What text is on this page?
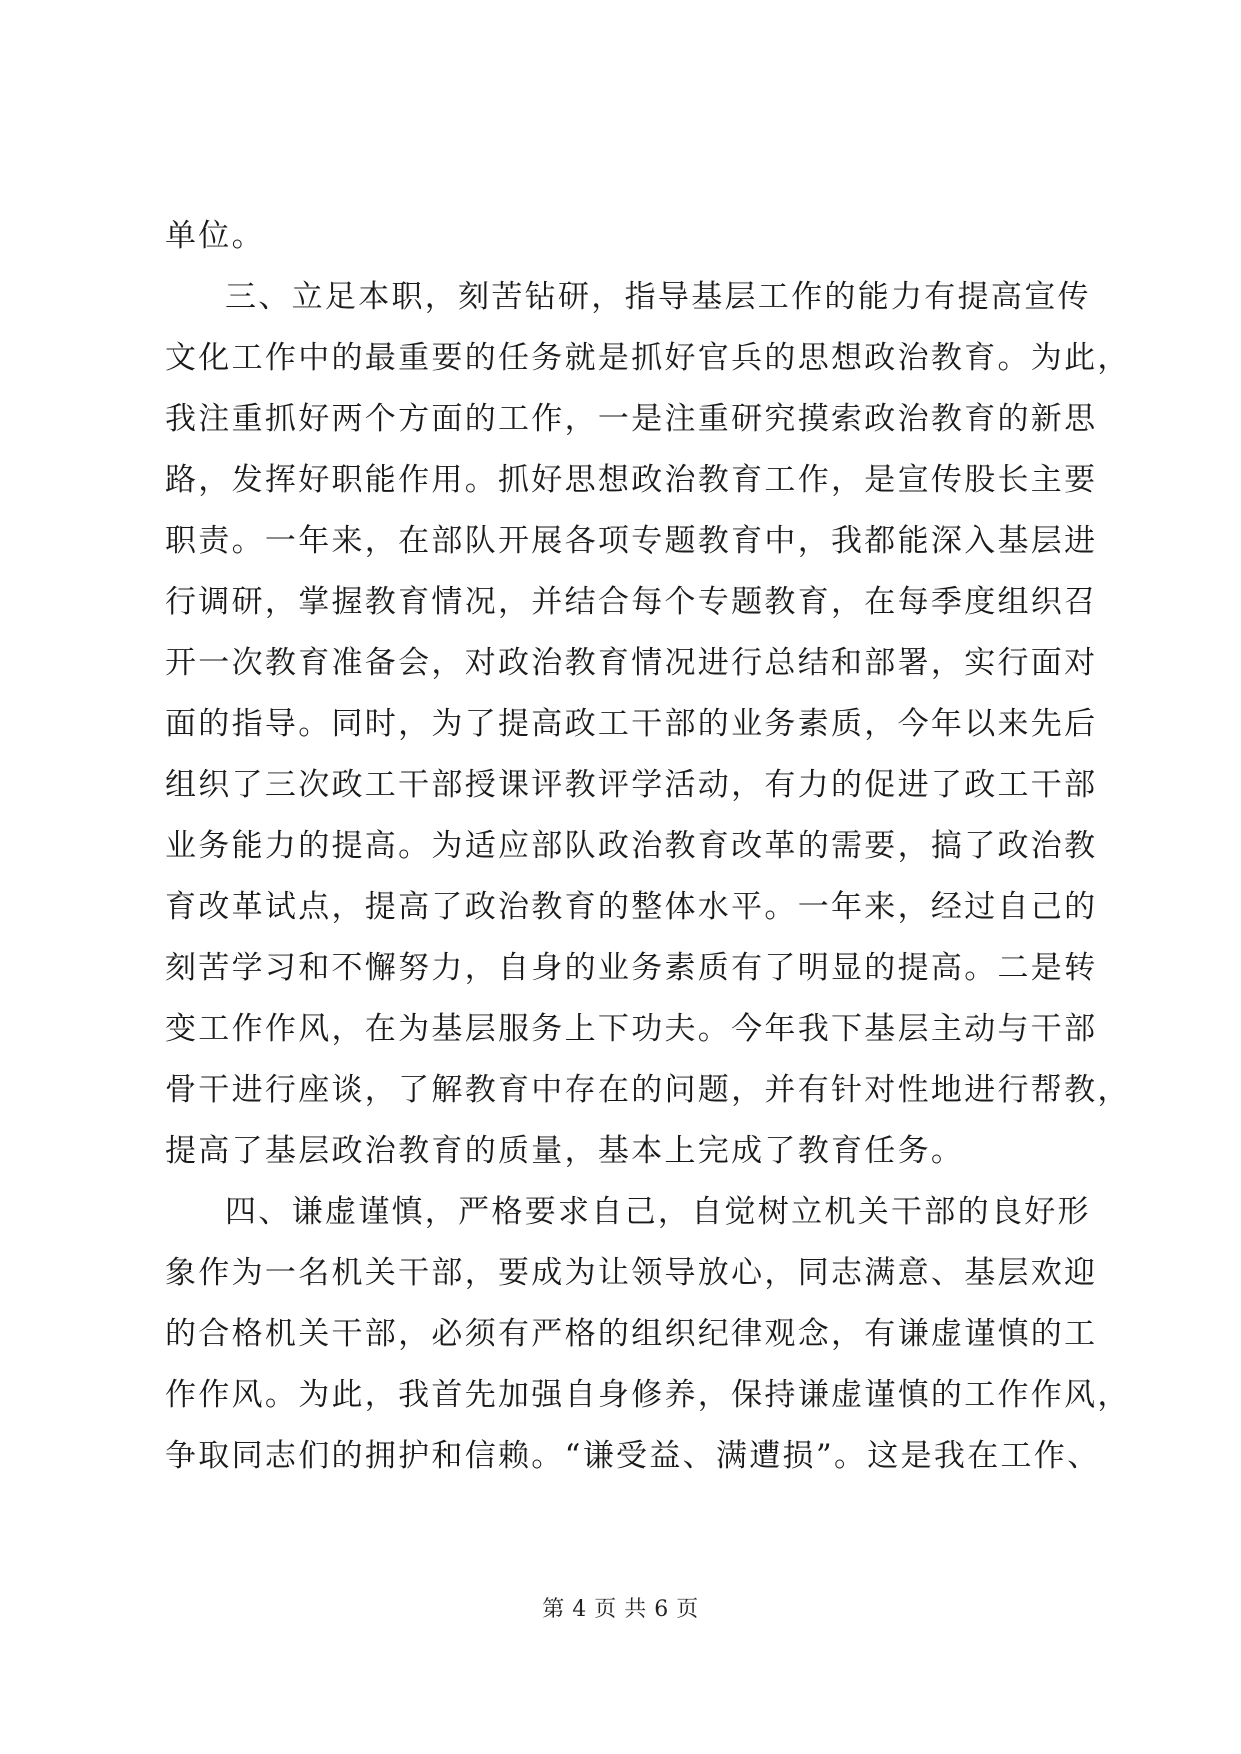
单位。
三、立足本职，刻苦钻研，指导基层工作的能力有提高宣传
文化工作中的最重要的任务就是抓好官兵的思想政治教育。为此，
我注重抓好两个方面的工作，一是注重研究摸索政治教育的新思
路，发挥好职能作用。抓好思想政治教育工作，是宣传股长主要
职责。一年来，在部队开展各项专题教育中，我都能深入基层进
行调研，掌握教育情况，并结合每个专题教育，在每季度组织召
开一次教育准备会，对政治教育情况进行总结和部署，实行面对
面的指导。同时，为了提高政工干部的业务素质，今年以来先后
组织了三次政工干部授课评教评学活动，有力的促进了政工干部
业务能力的提高。为适应部队政治教育改革的需要，搞了政治教
育改革试点，提高了政治教育的整体水平。一年来，经过自己的
刻苦学习和不懈努力，自身的业务素质有了明显的提高。二是转
变工作作风，在为基层服务上下功夫。今年我下基层主动与干部
骨干进行座谈，了解教育中存在的问题，并有针对性地进行帮教，
提高了基层政治教育的质量，基本上完成了教育任务。
四、谦虚谨慎，严格要求自己，自觉树立机关干部的良好形
象作为一名机关干部，要成为让领导放心，同志满意、基层欢迎
的合格机关干部，必须有严格的组织纪律观念，有谦虚谨慎的工
作作风。为此，我首先加强自身修养，保持谦虚谨慎的工作作风，
争取同志们的拥护和信赖。“谦受益、满遭损”。这是我在工作、
第 4 页 共 6 页
